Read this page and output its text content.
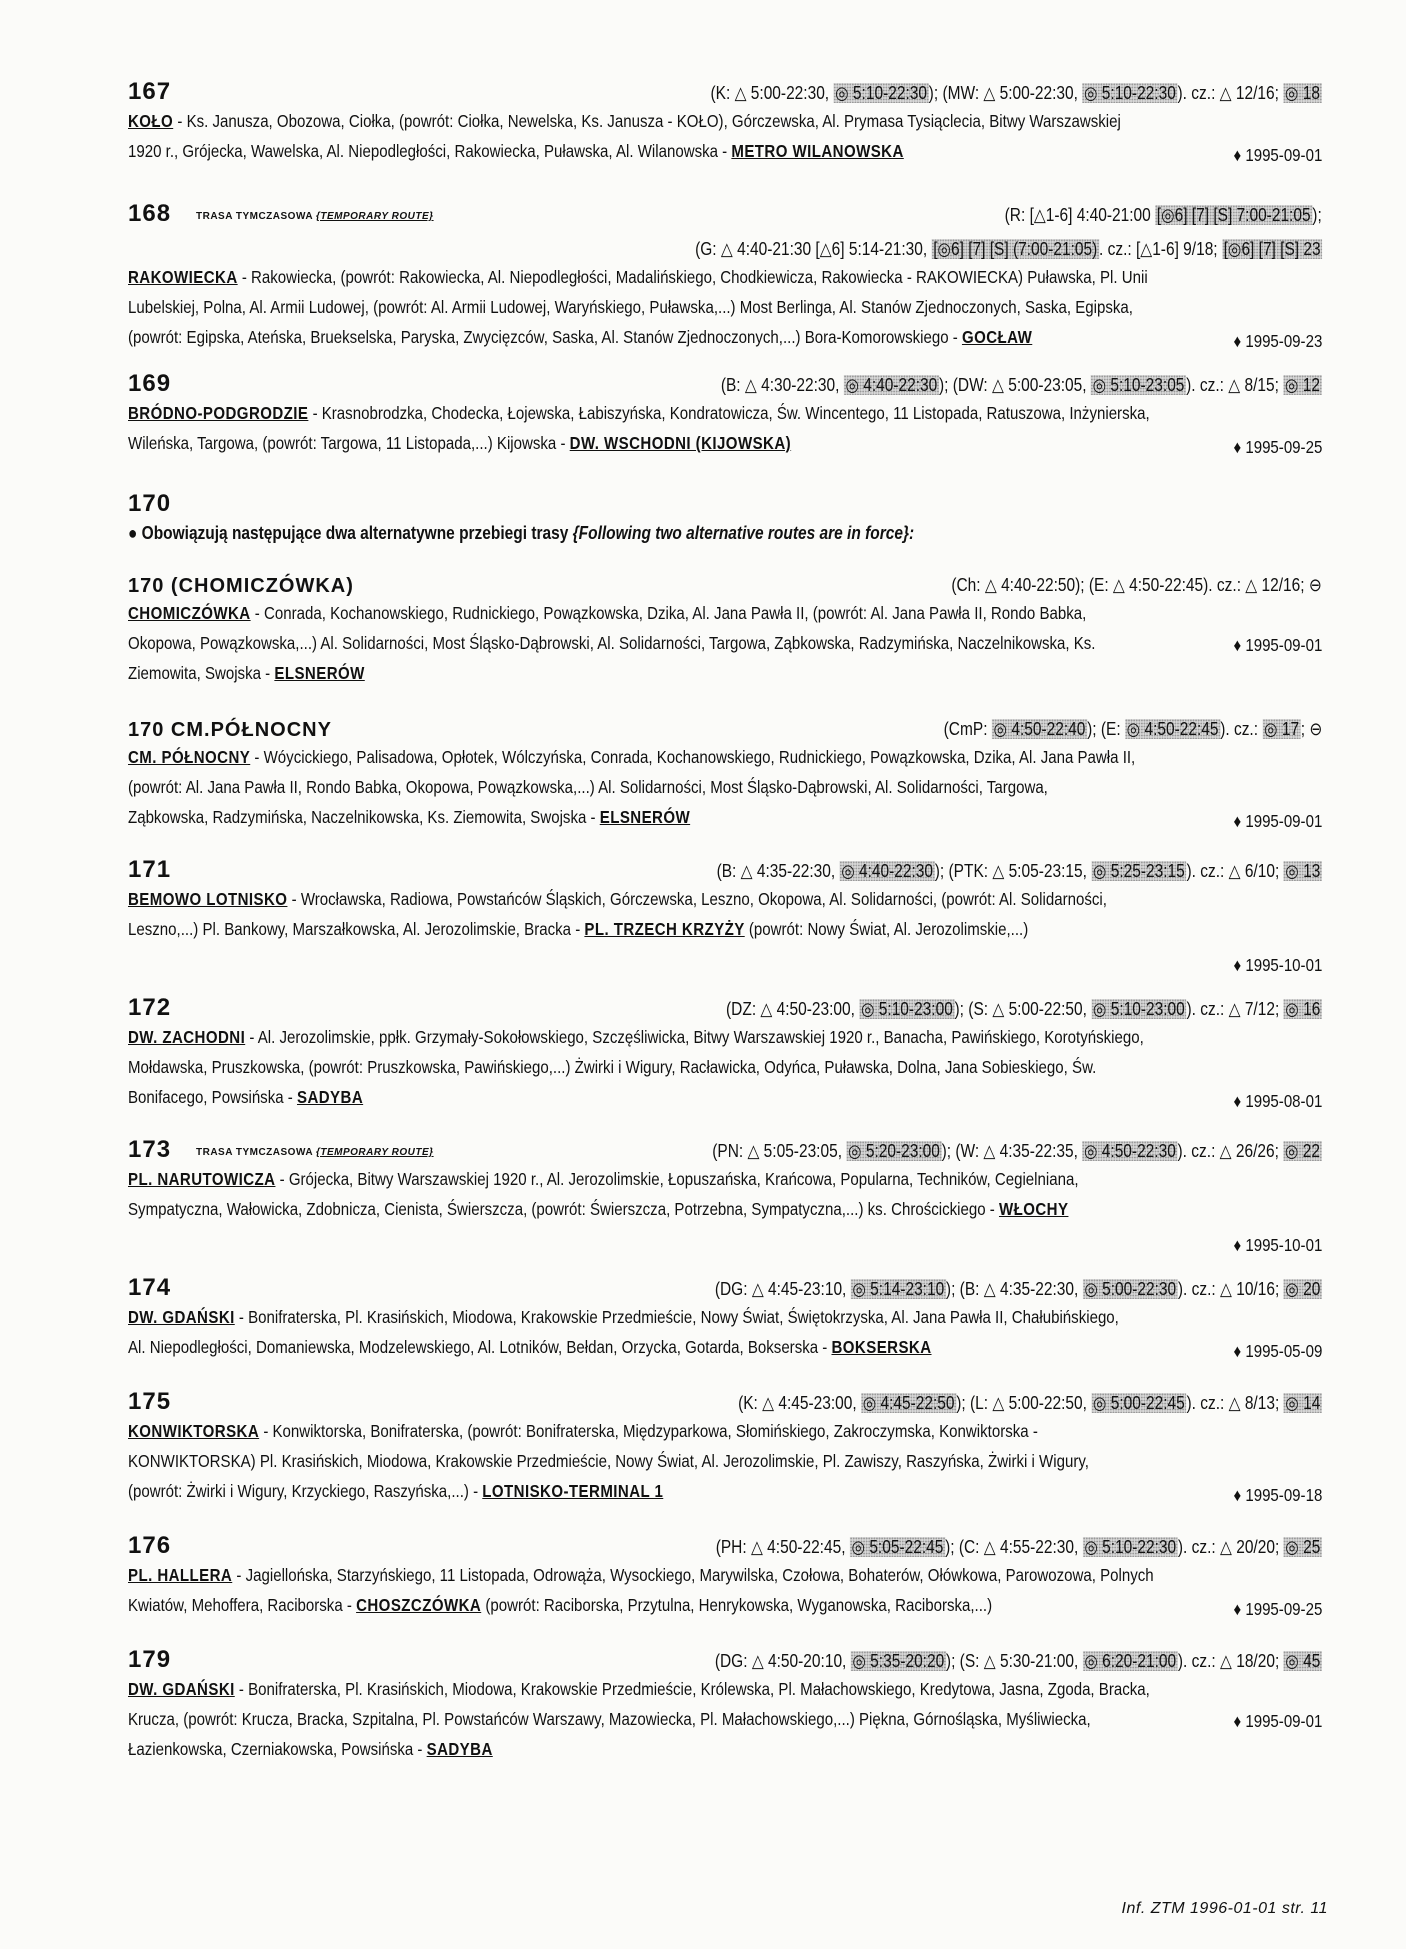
167	(K: △ 5:00-22:30, ◎ 5:10-22:30); (MW: △ 5:00-22:30, ◎ 5:10-22:30). cz.: △ 12/16; ◎ 18
KOŁO - Ks. Janusza, Obozowa, Ciołka, (powrót: Ciołka, Newelska, Ks. Janusza - KOŁO), Górczewska, Al. Prymasa Tysiąclecia, Bitwy Warszawskiej
1920 r., Grójecka, Wawelska, Al. Niepodległości, Rakowiecka, Puławska, Al. Wilanowska - METRO WILANOWSKA	♦ 1995-09-01
168 TRASA TYMCZASOWA {TEMPORARY ROUTE}	(R: [△1-6] 4:40-21:00 [◎6] [7] [S] 7:00-21:05);
(G: △ 4:40-21:30 [△6] 5:14-21:30, [◎6] [7] [S] (7:00-21:05). cz.: [△1-6] 9/18; [◎6] [7] [S] 23
RAKOWIECKA - Rakowiecka, (powrót: Rakowiecka, Al. Niepodległości, Madalińskiego, Chodkiewicza, Rakowiecka - RAKOWIECKA) Puławska, Pl. Unii
Lubelskiej, Polna, Al. Armii Ludowej, (powrót: Al. Armii Ludowej, Waryńskiego, Puławska,...) Most Berlinga, Al. Stanów Zjednoczonych, Saska, Egipska,
(powrót: Egipska, Ateńska, Bruekselska, Paryska, Zwycięzców, Saska, Al. Stanów Zjednoczonych,...) Bora-Komorowskiego - GOCŁAW	♦ 1995-09-23
169	(B: △ 4:30-22:30, ◎ 4:40-22:30); (DW: △ 5:00-23:05, ◎ 5:10-23:05). cz.: △ 8/15; ◎ 12
BRÓDNO-PODGRODZIE - Krasnobrodzka, Chodecka, Łojewska, Łabiszyńska, Kondratowicza, Św. Wincentego, 11 Listopada, Ratuszowa, Inżynierska,
Wileńska, Targowa, (powrót: Targowa, 11 Listopada,...) Kijowska - DW. WSCHODNI (KIJOWSKA)	♦ 1995-09-25
170
● Obowiązują następujące dwa alternatywne przebiegi trasy {Following two alternative routes are in force}:
170 (CHOMICZÓWKA)	(Ch: △ 4:40-22:50); (E: △ 4:50-22:45). cz.: △ 12/16; ⊖
CHOMICZÓWKA - Conrada, Kochanowskiego, Rudnickiego, Powązkowska, Dzika, Al. Jana Pawła II, (powrót: Al. Jana Pawła II, Rondo Babka,
Okopowa, Powązkowska,...) Al. Solidarności, Most Śląsko-Dąbrowski, Al. Solidarności, Targowa, Ząbkowska, Radzymińska, Naczelnikowska, Ks.
Ziemowita, Swojska - ELSNERÓW
♦ 1995-09-01
170 CM.PÓŁNOCNY	(CmP: ◎ 4:50-22:40); (E: ◎ 4:50-22:45). cz.: ◎ 17; ⊖
CM. PÓŁNOCNY - Wóycickiego, Palisadowa, Opłotek, Wólczyńska, Conrada, Kochanowskiego, Rudnickiego, Powązkowska, Dzika, Al. Jana Pawła II,
(powrót: Al. Jana Pawła II, Rondo Babka, Okopowa, Powązkowska,...) Al. Solidarności, Most Śląsko-Dąbrowski, Al. Solidarności, Targowa,
Ząbkowska, Radzymińska, Naczelnikowska, Ks. Ziemowita, Swojska - ELSNERÓW	♦ 1995-09-01
171	(B: △ 4:35-22:30, ◎ 4:40-22:30); (PTK: △ 5:05-23:15, ◎ 5:25-23:15). cz.: △ 6/10; ◎ 13
BEMOWO LOTNISKO - Wrocławska, Radiowa, Powstańców Śląskich, Górczewska, Leszno, Okopowa, Al. Solidarności, (powrót: Al. Solidarności,
Leszno,...) Pl. Bankowy, Marszałkowska, Al. Jerozolimskie, Bracka - PL. TRZECH KRZYŻY (powrót: Nowy Świat, Al. Jerozolimskie,...)
♦ 1995-10-01
172	(DZ: △ 4:50-23:00, ◎ 5:10-23:00); (S: △ 5:00-22:50, ◎ 5:10-23:00). cz.: △ 7/12; ◎ 16
DW. ZACHODNI - Al. Jerozolimskie, ppłk. Grzymały-Sokołowskiego, Szczęśliwicka, Bitwy Warszawskiej 1920 r., Banacha, Pawińskiego, Korotyńskiego,
Mołdawska, Pruszkowska, (powrót: Pruszkowska, Pawińskiego,...) Żwirki i Wigury, Racławicka, Odyńca, Puławska, Dolna, Jana Sobieskiego, Św.
Bonifacego, Powsińska - SADYBA	♦ 1995-08-01
173 TRASA TYMCZASOWA {TEMPORARY ROUTE}	(PN: △ 5:05-23:05, ◎ 5:20-23:00); (W: △ 4:35-22:35, ◎ 4:50-22:30). cz.: △ 26/26; ◎ 22
PL. NARUTOWICZA - Grójecka, Bitwy Warszawskiej 1920 r., Al. Jerozolimskie, Łopuszańska, Krańcowa, Popularna, Techników, Cegielniana,
Sympatyczna, Wałowicka, Zdobnicza, Cienista, Świerszcza, (powrót: Świerszcza, Potrzebna, Sympatyczna,...) ks. Chrościckiego - WŁOCHY
♦ 1995-10-01
174	(DG: △ 4:45-23:10, ◎ 5:14-23:10); (B: △ 4:35-22:30, ◎ 5:00-22:30). cz.: △ 10/16; ◎ 20
DW. GDAŃSKI - Bonifraterska, Pl. Krasińskich, Miodowa, Krakowskie Przedmieście, Nowy Świat, Świętokrzyska, Al. Jana Pawła II, Chałubińskiego,
Al. Niepodległości, Domaniewska, Modzelewskiego, Al. Lotników, Bełdan, Orzycka, Gotarda, Bokserska - BOKSERSKA	♦ 1995-05-09
175	(K: △ 4:45-23:00, ◎ 4:45-22:50); (L: △ 5:00-22:50, ◎ 5:00-22:45). cz.: △ 8/13; ◎ 14
KONWIKTORSKA - Konwiktorska, Bonifraterska, (powrót: Bonifraterska, Międzyparkowa, Słomińskiego, Zakroczymska, Konwiktorska -
KONWIKTORSKA) Pl. Krasińskich, Miodowa, Krakowskie Przedmieście, Nowy Świat, Al. Jerozolimskie, Pl. Zawiszy, Raszyńska, Żwirki i Wigury,
(powrót: Żwirki i Wigury, Krzyckiego, Raszyńska,...) - LOTNISKO-TERMINAL 1	♦ 1995-09-18
176	(PH: △ 4:50-22:45, ◎ 5:05-22:45); (C: △ 4:55-22:30, ◎ 5:10-22:30). cz.: △ 20/20; ◎ 25
PL. HALLERA - Jagiellońska, Starzyńskiego, 11 Listopada, Odrowąża, Wysockiego, Marywilska, Czołowa, Bohaterów, Ołówkowa, Parowozowa, Polnych
Kwiatów, Mehoffera, Raciborska - CHOSZCZÓWKA (powrót: Raciborska, Przytulna, Henrykowska, Wyganowska, Raciborska,...)	♦ 1995-09-25
179	(DG: △ 4:50-20:10, ◎ 5:35-20:20); (S: △ 5:30-21:00, ◎ 6:20-21:00). cz.: △ 18/20; ◎ 45
DW. GDAŃSKI - Bonifraterska, Pl. Krasińskich, Miodowa, Krakowskie Przedmieście, Królewska, Pl. Małachowskiego, Kredytowa, Jasna, Zgoda, Bracka,
Krucza, (powrót: Krucza, Bracka, Szpitalna, Pl. Powstańców Warszawy, Mazowiecka, Pl. Małachowskiego,...) Piękna, Górnośląska, Myśliwiecka,
Łazienkowska, Czerniakowska, Powsińska - SADYBA
♦ 1995-09-01
Inf. ZTM 1996-01-01 str. 11
